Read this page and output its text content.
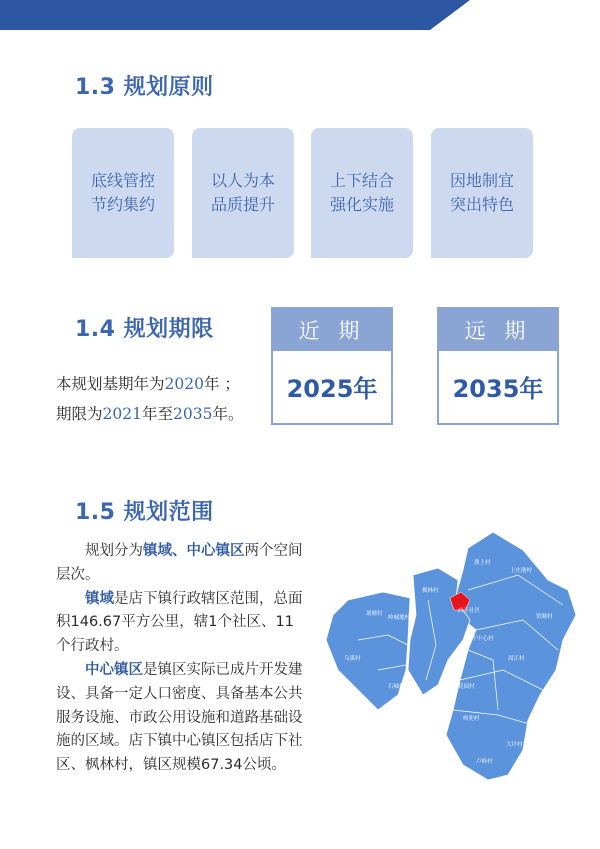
1.3 规划原则
底线管控
节约集约
以人为本
品质提升
上下结合
强化实施
因地制宜
突出特色
1.4 规划期限
本规划基期年为2020年 ；
期限为2021年至2035年。
近 期
2025年
远 期
2035年
1.5 规划范围

规划分为镇域、中心镇区两个空间层次。

镇域是店下镇行政辖区范围，总面积146.67平方公里，辖1个社区、11个行政村。

中心镇区是镇区实际已成片开发建设、具备一定人口密度、具备基本公共服务设施、市政公用设施和道路基础设施的区域。店下镇中心镇区包括店下社区、枫林村，镇区规模67.34公顷。

渔上村
上庄港村
枫林村
店下社区
馆塘村
洞塘村
岭城地村
店下中心村
乌溪村	周江村
石城村	花园村
岭兜村
大圩村
卢岭村
